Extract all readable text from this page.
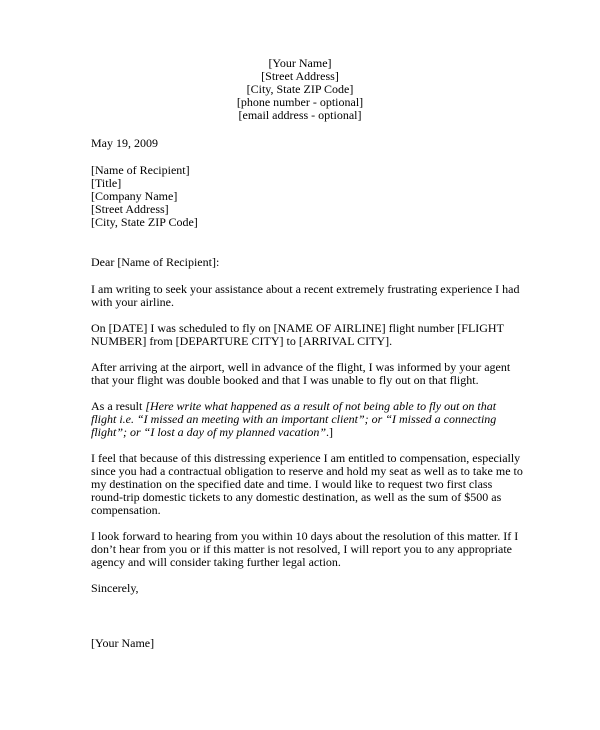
[Your Name]
[Street Address]
[City, State ZIP Code]
[phone number - optional]
[email address - optional]
May 19, 2009
[Name of Recipient]
[Title]
[Company Name]
[Street Address]
[City, State ZIP Code]
Dear [Name of Recipient]:
I am writing to seek your assistance about a recent extremely frustrating experience I had
with your airline.
On [DATE] I was scheduled to fly on [NAME OF AIRLINE] flight number [FLIGHT
NUMBER] from [DEPARTURE CITY] to [ARRIVAL CITY].
After arriving at the airport, well in advance of the flight, I was informed by your agent
that your flight was double booked and that I was unable to fly out on that flight.
As a result [Here write what happened as a result of not being able to fly out on that
flight i.e. “I missed an meeting with an important client”; or “I missed a connecting
flight”; or “I lost a day of my planned vacation”.]
I feel that because of this distressing experience I am entitled to compensation, especially
since you had a contractual obligation to reserve and hold my seat as well as to take me to
my destination on the specified date and time. I would like to request two first class
round-trip domestic tickets to any domestic destination, as well as the sum of $500 as
compensation.
I look forward to hearing from you within 10 days about the resolution of this matter. If I
don’t hear from you or if this matter is not resolved, I will report you to any appropriate
agency and will consider taking further legal action.
Sincerely,
[Your Name]
